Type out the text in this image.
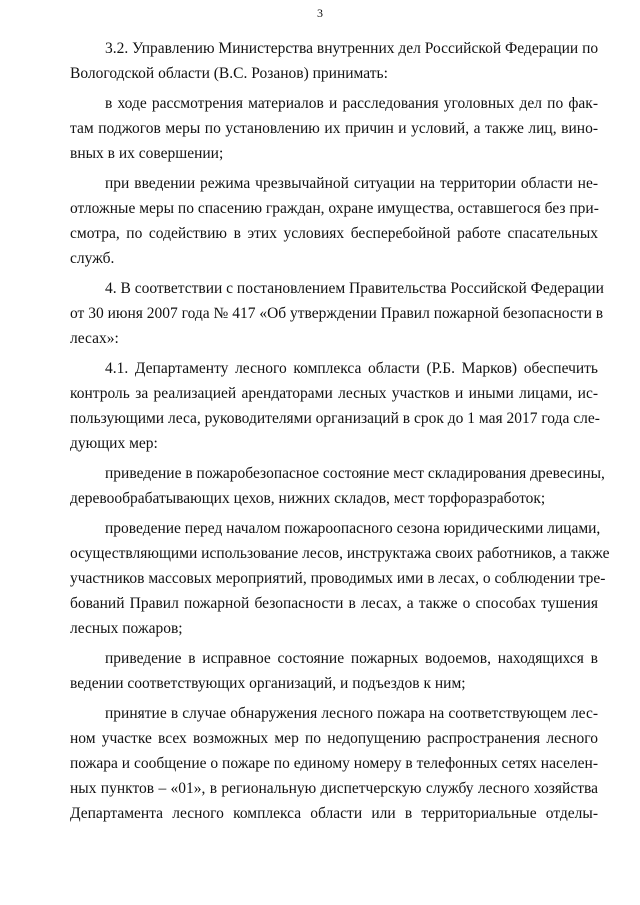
3
3.2. Управлению Министерства внутренних дел Российской Федерации по
Вологодской области (В.С. Розанов) принимать:
в ходе рассмотрения материалов и расследования уголовных дел по фак-
там поджогов меры по установлению их причин и условий, а также лиц, вино-
вных в их совершении;
при введении режима чрезвычайной ситуации на территории области не-
отложные меры по спасению граждан, охране имущества, оставшегося без при-
смотра, по содействию в этих условиях бесперебойной работе спасательных
служб.
4. В соответствии с постановлением Правительства Российской Федерации
от 30 июня 2007 года № 417 «Об утверждении Правил пожарной безопасности в
лесах»:
4.1. Департаменту лесного комплекса области (Р.Б. Марков) обеспечить
контроль за реализацией арендаторами лесных участков и иными лицами, ис-
пользующими леса, руководителями организаций в срок до 1 мая 2017 года сле-
дующих мер:
приведение в пожаробезопасное состояние мест складирования древесины,
деревообрабатывающих цехов, нижних складов, мест торфоразработок;
проведение перед началом пожароопасного сезона юридическими лицами,
осуществляющими использование лесов, инструктажа своих работников, а также
участников массовых мероприятий, проводимых ими в лесах, о соблюдении тре-
бований Правил пожарной безопасности в лесах, а также о способах тушения
лесных пожаров;
приведение в исправное состояние пожарных водоемов, находящихся в
ведении соответствующих организаций, и подъездов к ним;
принятие в случае обнаружения лесного пожара на соответствующем лес-
ном участке всех возможных мер по недопущению распространения лесного
пожара и сообщение о пожаре по единому номеру в телефонных сетях населен-
ных пунктов – «01», в региональную диспетчерскую службу лесного хозяйства
Департамента лесного комплекса области или в территориальные отделы-
